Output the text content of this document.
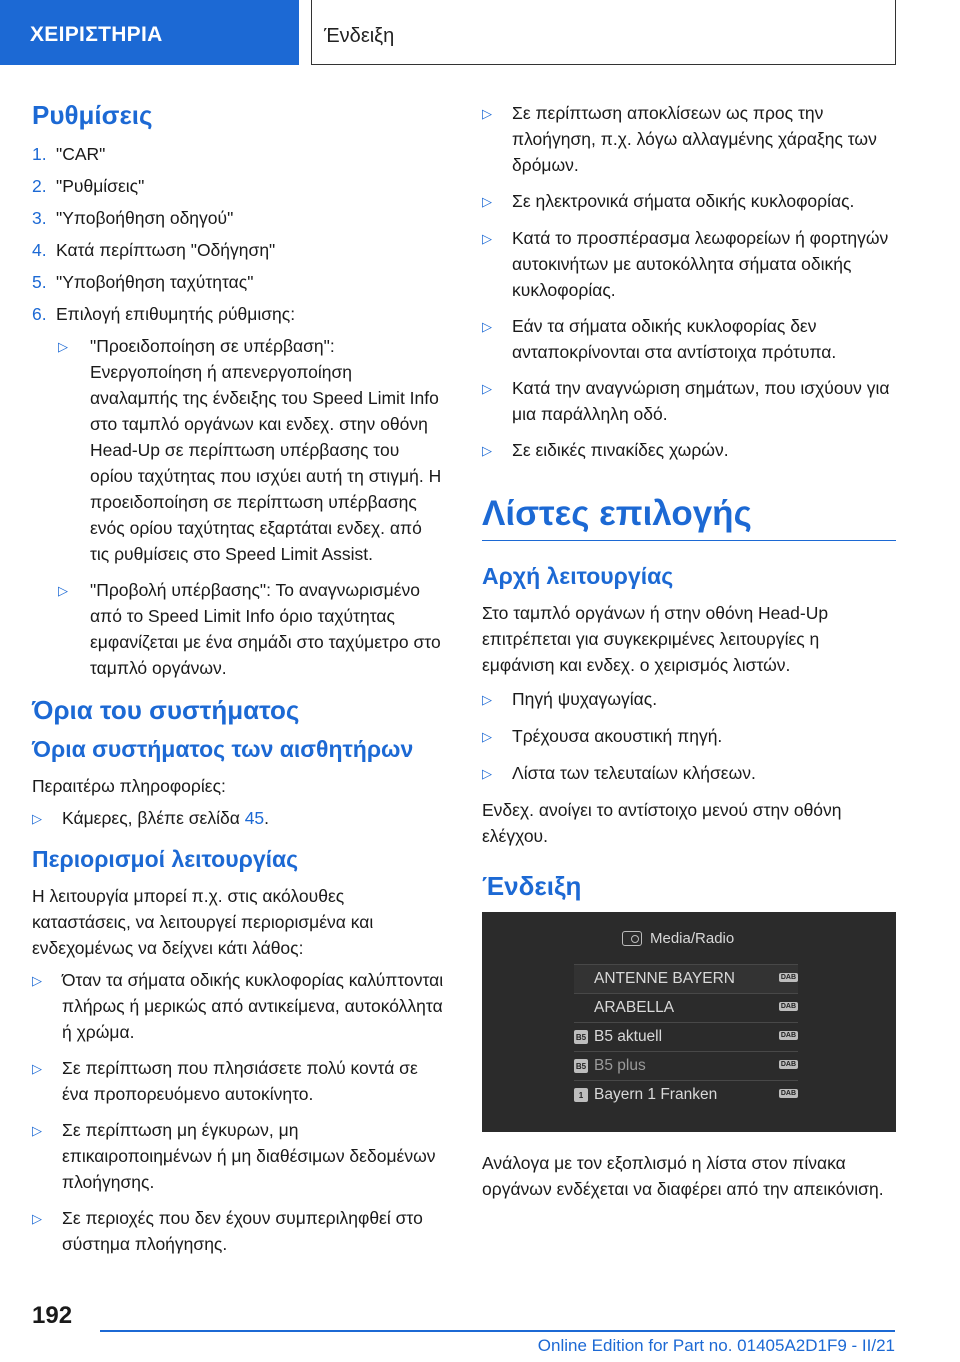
ΧΕΙΡΙΣΤΗΡΙΑ	Ένδειξη
Ρυθμίσεις
1. "CAR"
2. "Ρυθμίσεις"
3. "Υποβοήθηση οδηγού"
4. Κατά περίπτωση "Οδήγηση"
5. "Υποβοήθηση ταχύτητας"
6. Επιλογή επιθυμητής ρύθμισης:
▷	"Προειδοποίηση σε υπέρβαση": Ενεργοποίηση ή απενεργοποίηση αναλαμπής της ένδειξης του Speed Limit Info στο ταμπλό οργάνων και ενδεχ. στην οθόνη Head-Up σε περίπτωση υπέρβασης του ορίου ταχύτητας που ισχύει αυτή τη στιγμή. Η προειδοποίηση σε περίπτωση υπέρβασης ενός ορίου ταχύτητας εξαρτάται ενδεχ. από τις ρυθμίσεις στο Speed Limit Assist.
▷	"Προβολή υπέρβασης": Το αναγνωρισμένο από το Speed Limit Info όριο ταχύτητας εμφανίζεται με ένα σημάδι στο ταχύμετρο στο ταμπλό οργάνων.
Όρια του συστήματος
Όρια συστήματος των αισθητήρων

Περαιτέρω πληροφορίες:

▷	Κάμερες, βλέπε σελίδα 45.
Περιορισμοί λειτουργίας

Η λειτουργία μπορεί π.χ. στις ακόλουθες καταστάσεις, να λειτουργεί περιορισμένα και ενδεχομένως να δείχνει κάτι λάθος:

▷	Όταν τα σήματα οδικής κυκλοφορίας καλύπτονται πλήρως ή μερικώς από αντικείμενα, αυτοκόλλητα ή χρώμα.
▷	Σε περίπτωση που πλησιάσετε πολύ κοντά σε ένα προπορευόμενο αυτοκίνητο.
▷	Σε περίπτωση μη έγκυρων, μη επικαιροποιημένων ή μη διαθέσιμων δεδομένων πλοήγησης.
▷	Σε περιοχές που δεν έχουν συμπεριληφθεί στο σύστημα πλοήγησης.
▷	Σε περίπτωση αποκλίσεων ως προς την πλοήγηση, π.χ. λόγω αλλαγμένης χάραξης των δρόμων.
▷	Σε ηλεκτρονικά σήματα οδικής κυκλοφορίας.
▷	Κατά το προσπέρασμα λεωφορείων ή φορτηγών αυτοκινήτων με αυτοκόλλητα σήματα οδικής κυκλοφορίας.
▷	Εάν τα σήματα οδικής κυκλοφορίας δεν ανταποκρίνονται στα αντίστοιχα πρότυπα.
▷	Κατά την αναγνώριση σημάτων, που ισχύουν για μια παράλληλη οδό.
▷	Σε ειδικές πινακίδες χωρών.
Λίστες επιλογής
Αρχή λειτουργίας

Στο ταμπλό οργάνων ή στην οθόνη Head-Up επιτρέπεται για συγκεκριμένες λειτουργίες η εμφάνιση και ενδεχ. ο χειρισμός λιστών.

▷	Πηγή ψυχαγωγίας.
▷	Τρέχουσα ακουστική πηγή.
▷	Λίστα των τελευταίων κλήσεων.

Ενδεχ. ανοίγει το αντίστοιχο μενού στην οθόνη ελέγχου.

Ένδειξη
Media/Radio
ANTENNE BAYERN	DAB
ARABELLA	DAB
B5 B5 aktuell	DAB
B5 B5 plus	DAB
1 Bayern 1 Franken	DAB

Ανάλογα με τον εξοπλισμό η λίστα στον πίνακα οργάνων ενδέχεται να διαφέρει από την απεικόνιση.

192
Online Edition for Part no. 01405A2D1F9 - II/21
